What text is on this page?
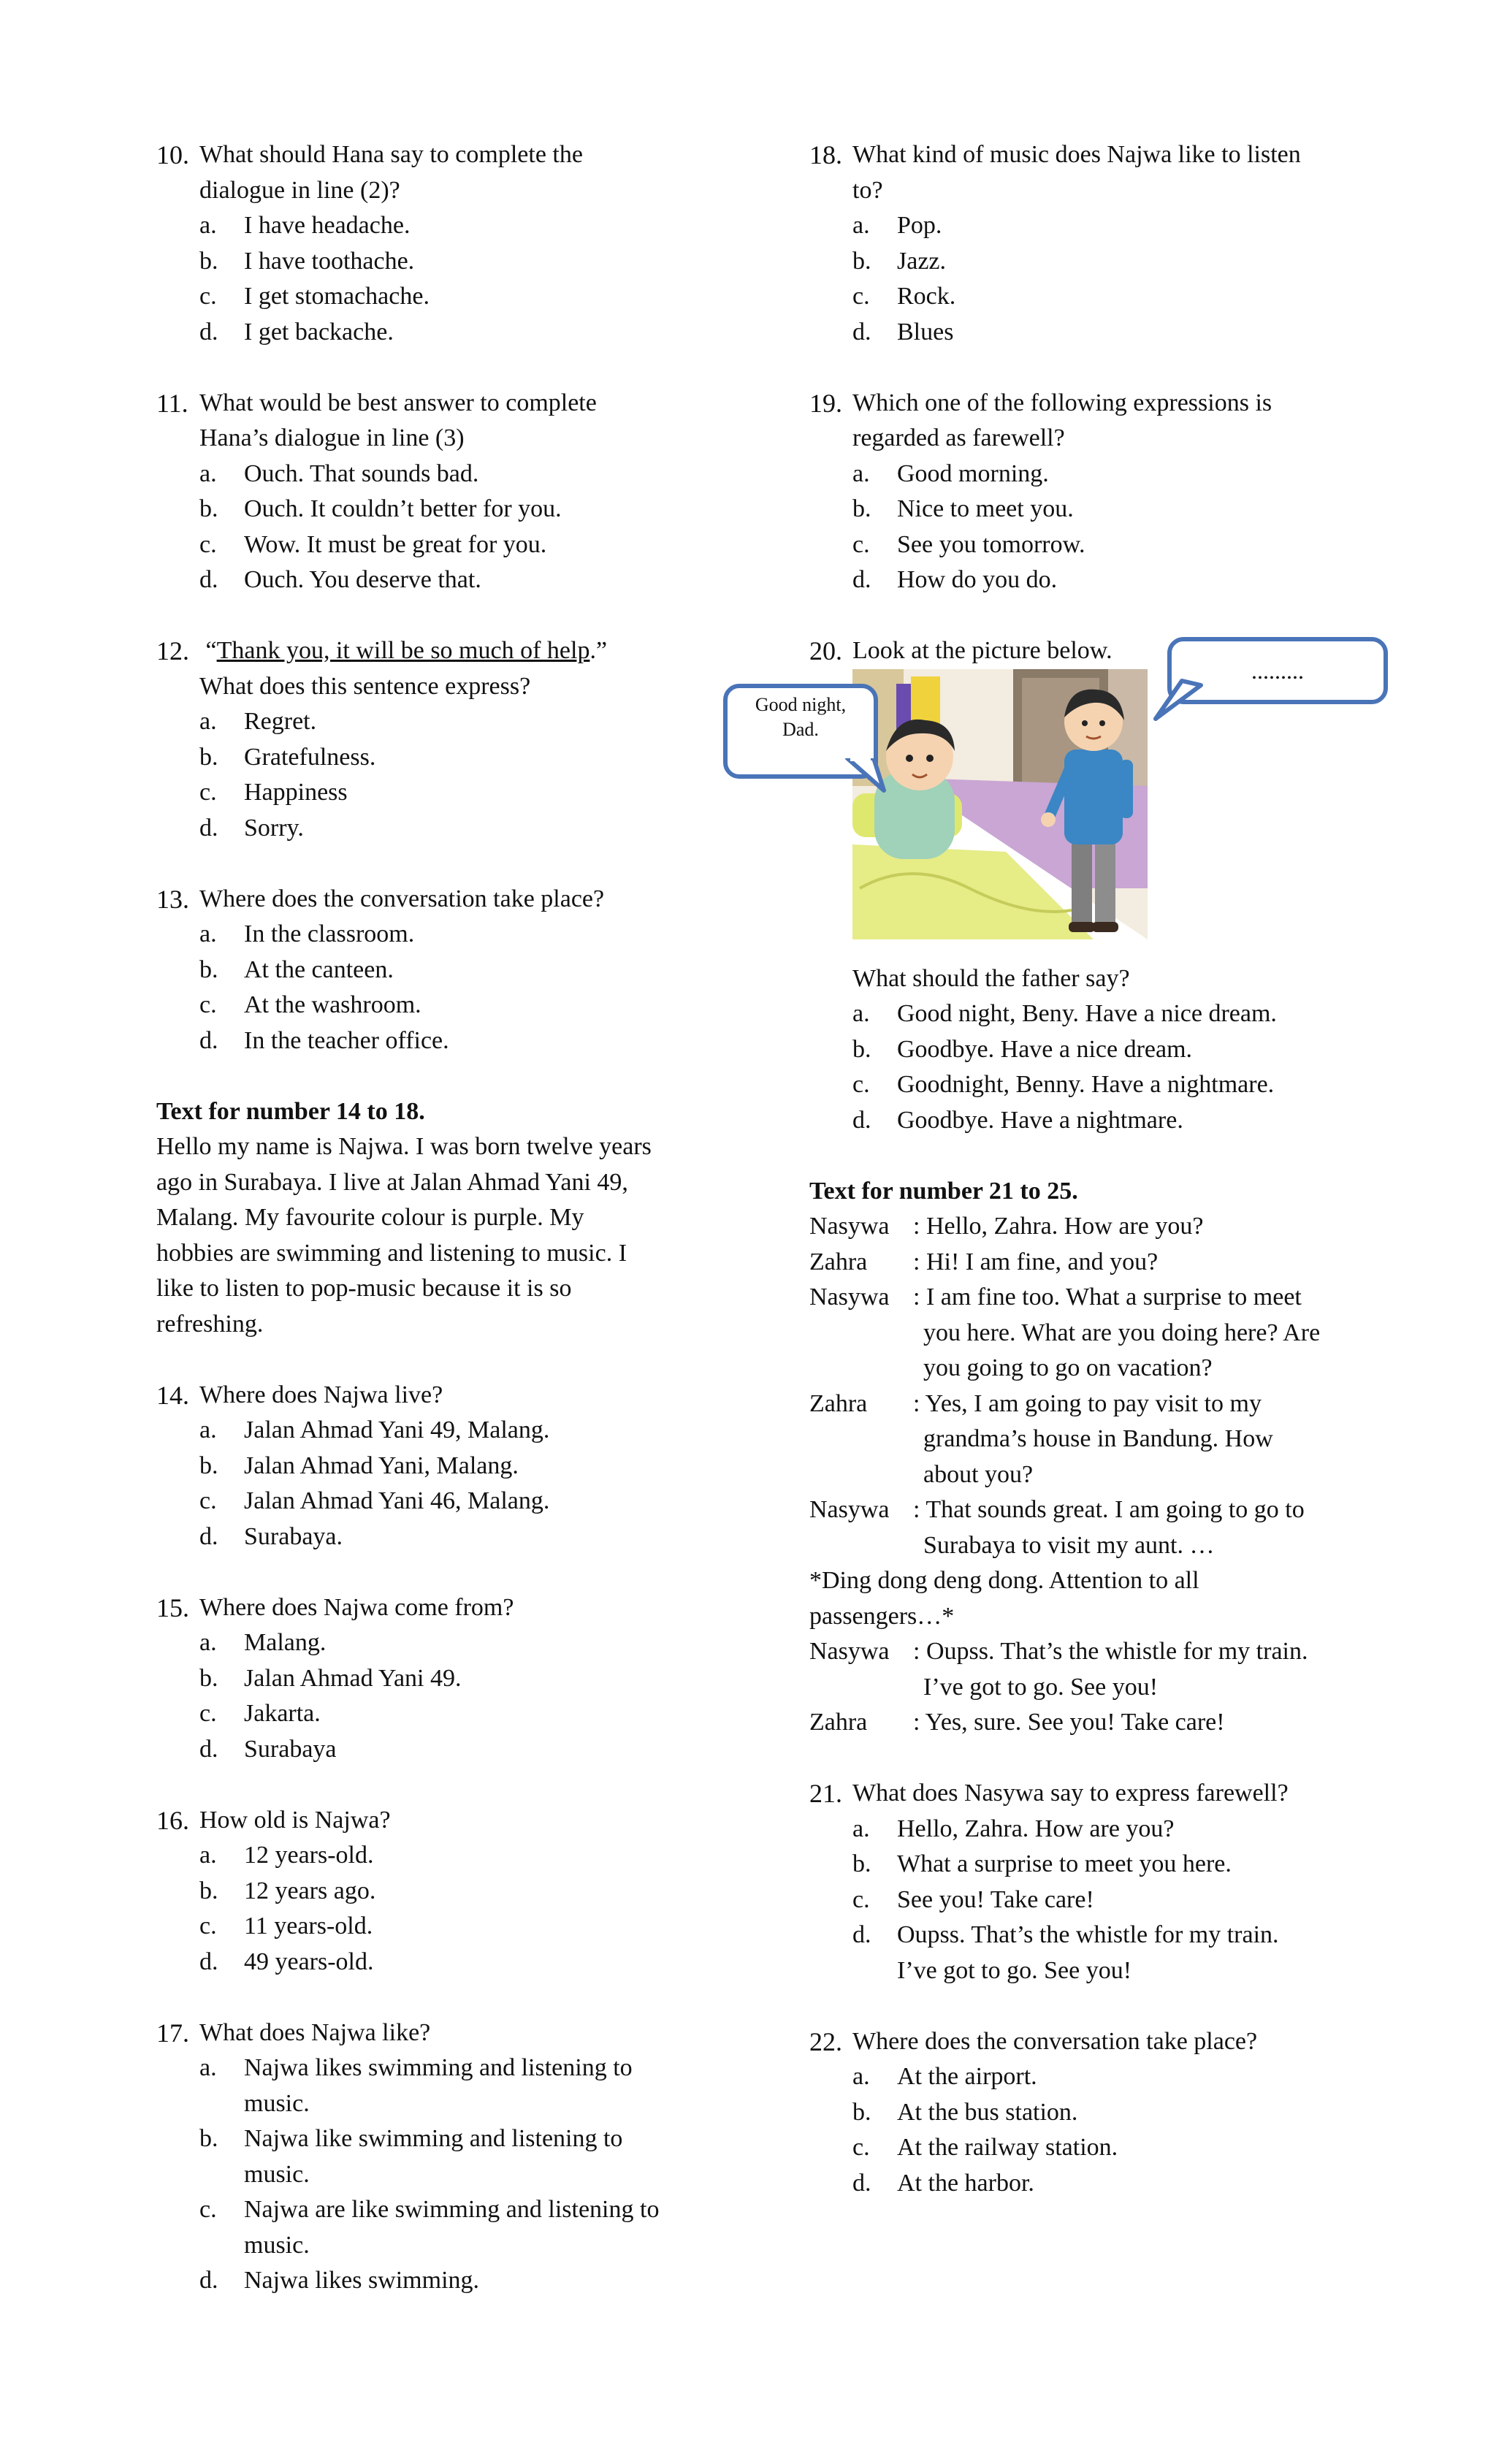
10. What should Hana say to complete the
dialogue in line (2)?
a. I have headache.
b. I have toothache.
c. I get stomachache.
d. I get backache.
11. What would be best answer to complete
Hana’s dialogue in line (3)
a. Ouch. That sounds bad.
b. Ouch. It couldn’t better for you.
c. Wow. It must be great for you.
d. Ouch. You deserve that.
12. “Thank you, it will be so much of help.”
What does this sentence express?
a. Regret.
b. Gratefulness.
c. Happiness
d. Sorry.
13. Where does the conversation take place?
a. In the classroom.
b. At the canteen.
c. At the washroom.
d. In the teacher office.
Text for number 14 to 18.
Hello my name is Najwa. I was born twelve years
ago in Surabaya. I live at Jalan Ahmad Yani 49,
Malang. My favourite colour is purple. My
hobbies are swimming and listening to music. I
like to listen to pop-music because it is so
refreshing.
14. Where does Najwa live?
a. Jalan Ahmad Yani 49, Malang.
b. Jalan Ahmad Yani, Malang.
c. Jalan Ahmad Yani 46, Malang.
d. Surabaya.
15. Where does Najwa come from?
a. Malang.
b. Jalan Ahmad Yani 49.
c. Jakarta.
d. Surabaya
16. How old is Najwa?
a. 12 years-old.
b. 12 years ago.
c. 11 years-old.
d. 49 years-old.
17. What does Najwa like?
a. Najwa likes swimming and listening to
music.
b. Najwa like swimming and listening to
music.
c. Najwa are like swimming and listening to
music.
d. Najwa likes swimming.
18. What kind of music does Najwa like to listen
to?
a. Pop.
b. Jazz.
c. Rock.
d. Blues
19. Which one of the following expressions is
regarded as farewell?
a. Good morning.
b. Nice to meet you.
c. See you tomorrow.
d. How do you do.
20. Look at the picture below.
Good night,
Dad.
.........
What should the father say?
a. Good night, Beny. Have a nice dream.
b. Goodbye. Have a nice dream.
c. Goodnight, Benny. Have a nightmare.
d. Goodbye. Have a nightmare.
Text for number 21 to 25.
Nasywa : Hello, Zahra. How are you?
Zahra : Hi! I am fine, and you?
Nasywa : I am fine too. What a surprise to meet
you here. What are you doing here? Are
you going to go on vacation?
Zahra : Yes, I am going to pay visit to my
grandma’s house in Bandung. How
about you?
Nasywa : That sounds great. I am going to go to
Surabaya to visit my aunt. …
*Ding dong deng dong. Attention to all
passengers…*
Nasywa : Oupss. That’s the whistle for my train.
I’ve got to go. See you!
Zahra : Yes, sure. See you! Take care!
21. What does Nasywa say to express farewell?
a. Hello, Zahra. How are you?
b. What a surprise to meet you here.
c. See you! Take care!
d. Oupss. That’s the whistle for my train.
I’ve got to go. See you!
22. Where does the conversation take place?
a. At the airport.
b. At the bus station.
c. At the railway station.
d. At the harbor.
